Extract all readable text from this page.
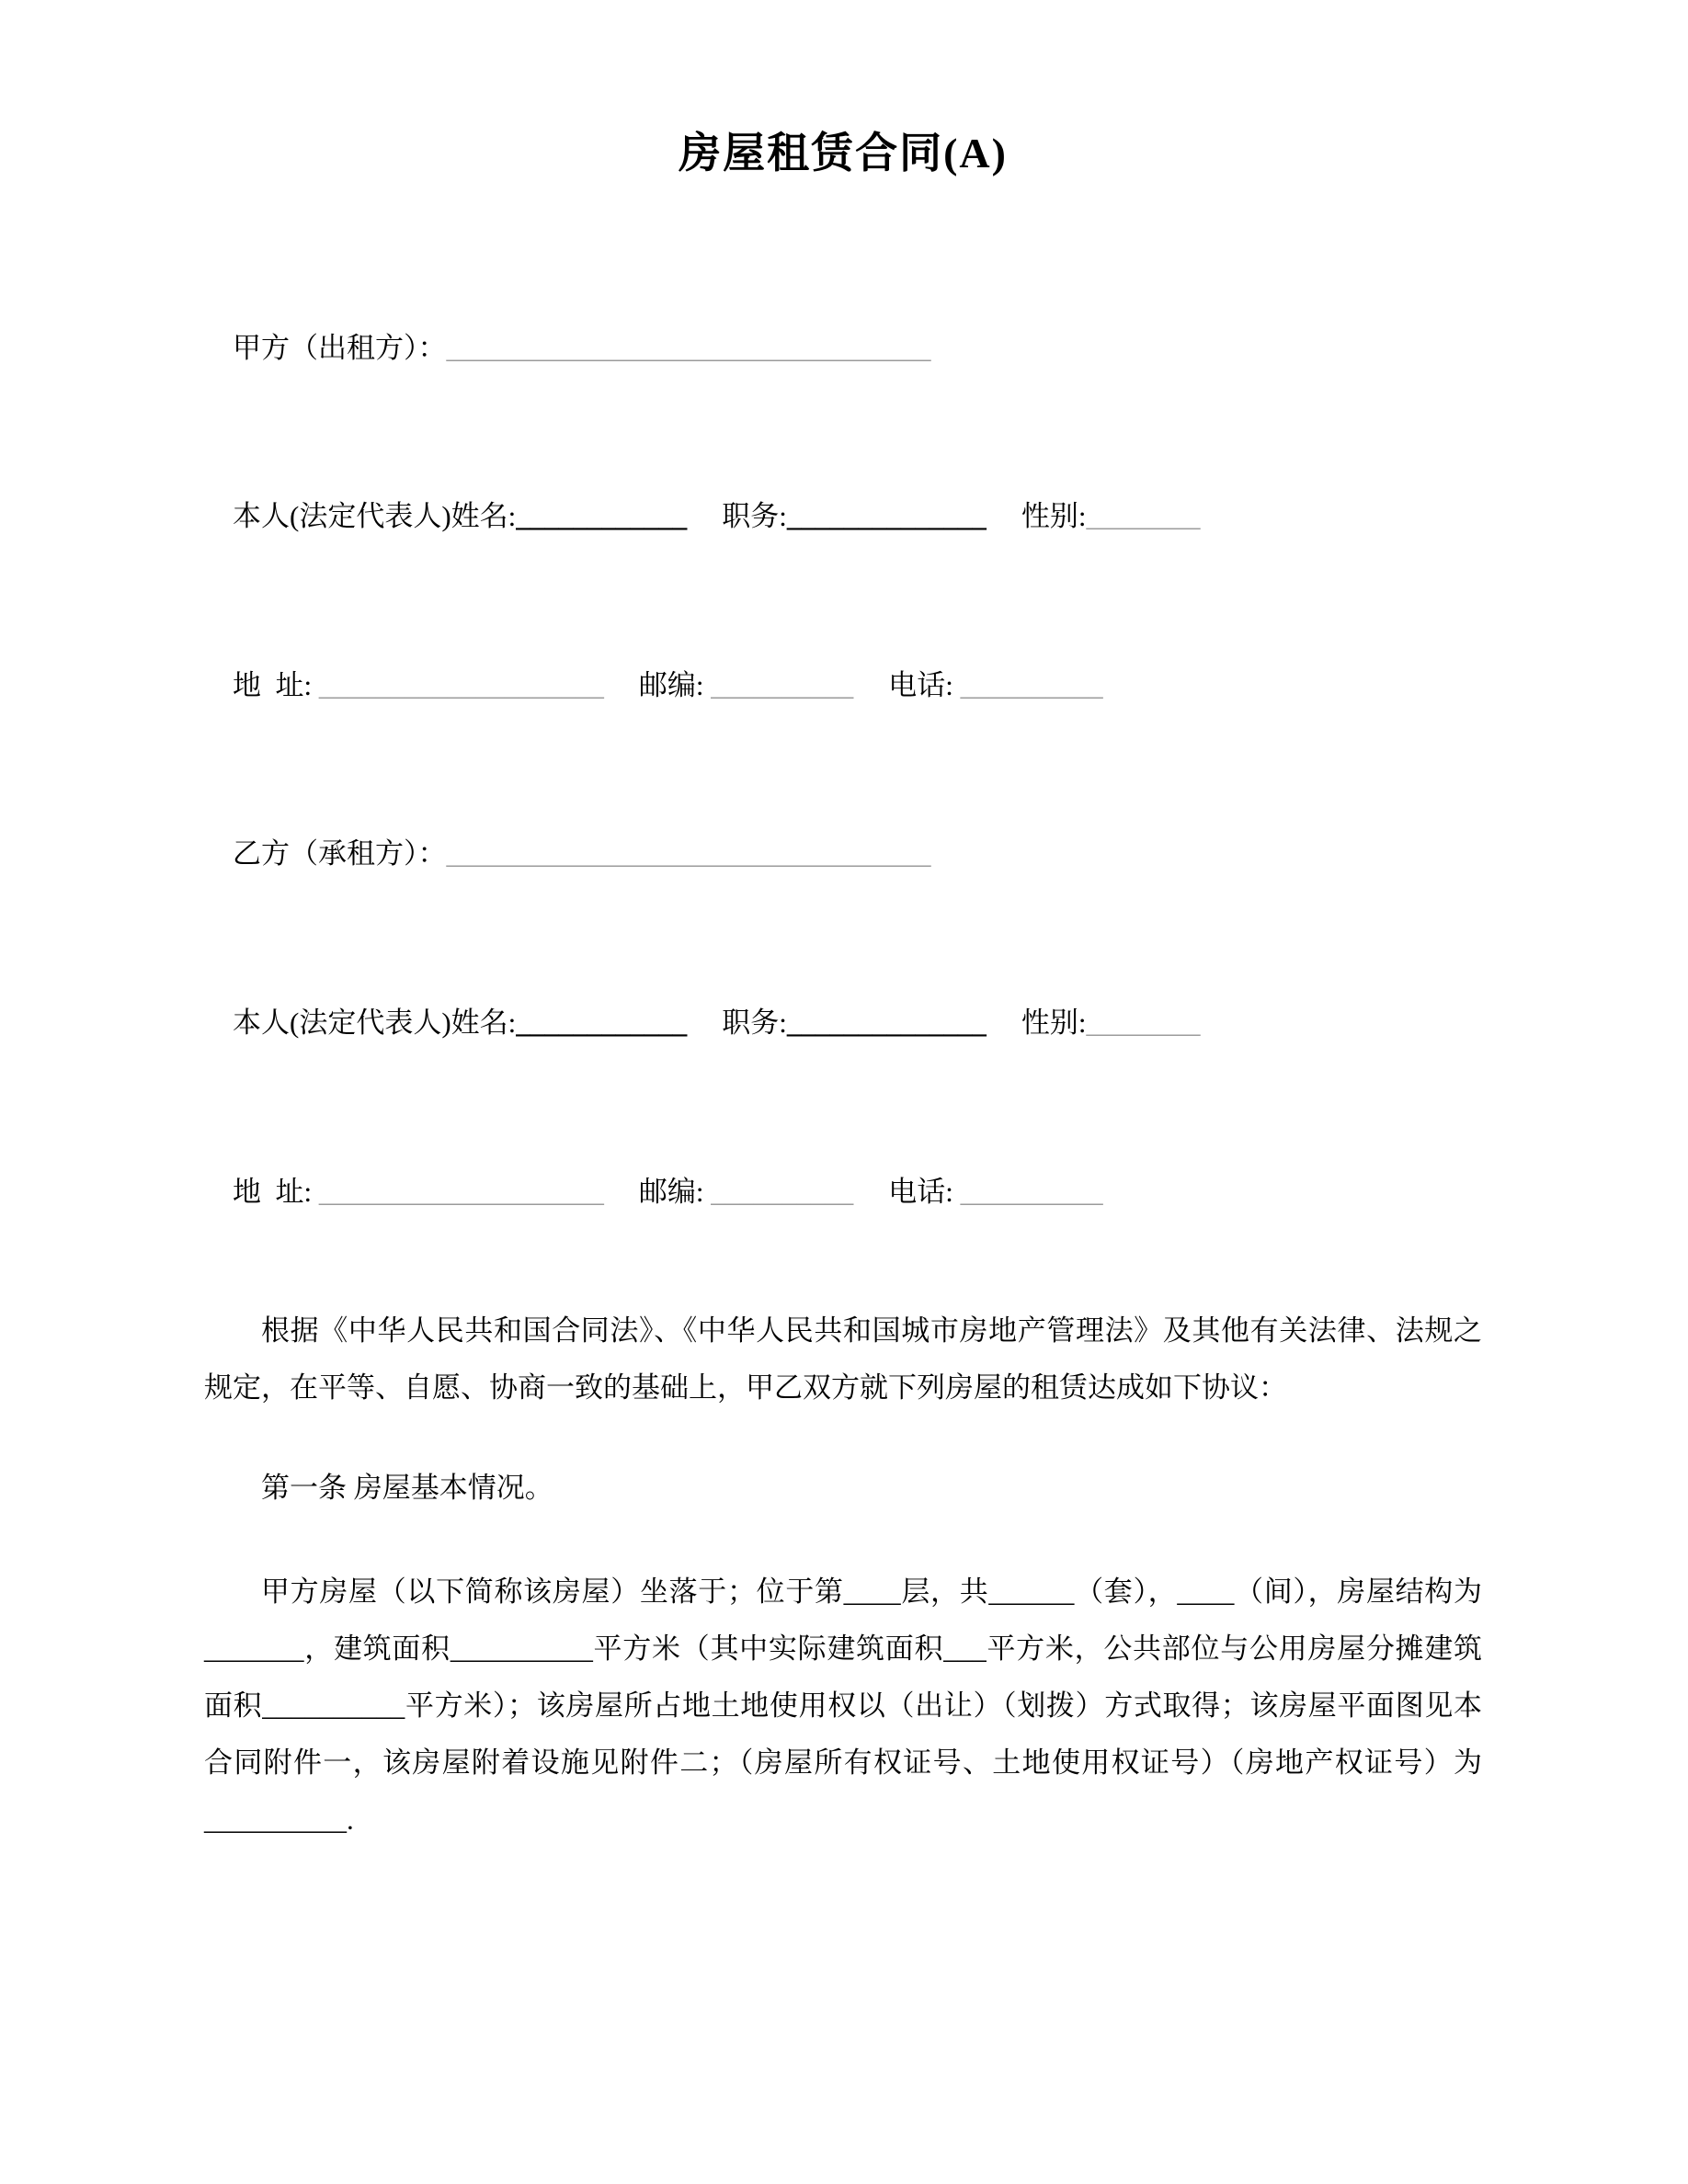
房屋租赁合同(A)

甲方（出租方）：__________________________________

本人(法定代表人)姓名:____________ 职务:______________ 性别:________

地  址: ____________________ 邮编: __________ 电话: __________

乙方（承租方）：__________________________________

本人(法定代表人)姓名:____________ 职务:______________ 性别:________

地  址: ____________________ 邮编: __________ 电话: __________

根据《中华人民共和国合同法》、《中华人民共和国城市房地产管理法》及其他有关法律、法规之规定，在平等、自愿、协商一致的基础上，甲乙双方就下列房屋的租赁达成如下协议：

第一条 房屋基本情况。

甲方房屋（以下简称该房屋）坐落于；位于第____层，共______（套），____（间），房屋结构为_______，建筑面积__________平方米（其中实际建筑面积___平方米，公共部位与公用房屋分摊建筑面积__________平方米）；该房屋所占地土地使用权以（出让）（划拨）方式取得；该房屋平面图见本合同附件一，该房屋附着设施见附件二；（房屋所有权证号、土地使用权证号）（房地产权证号）为__________.
